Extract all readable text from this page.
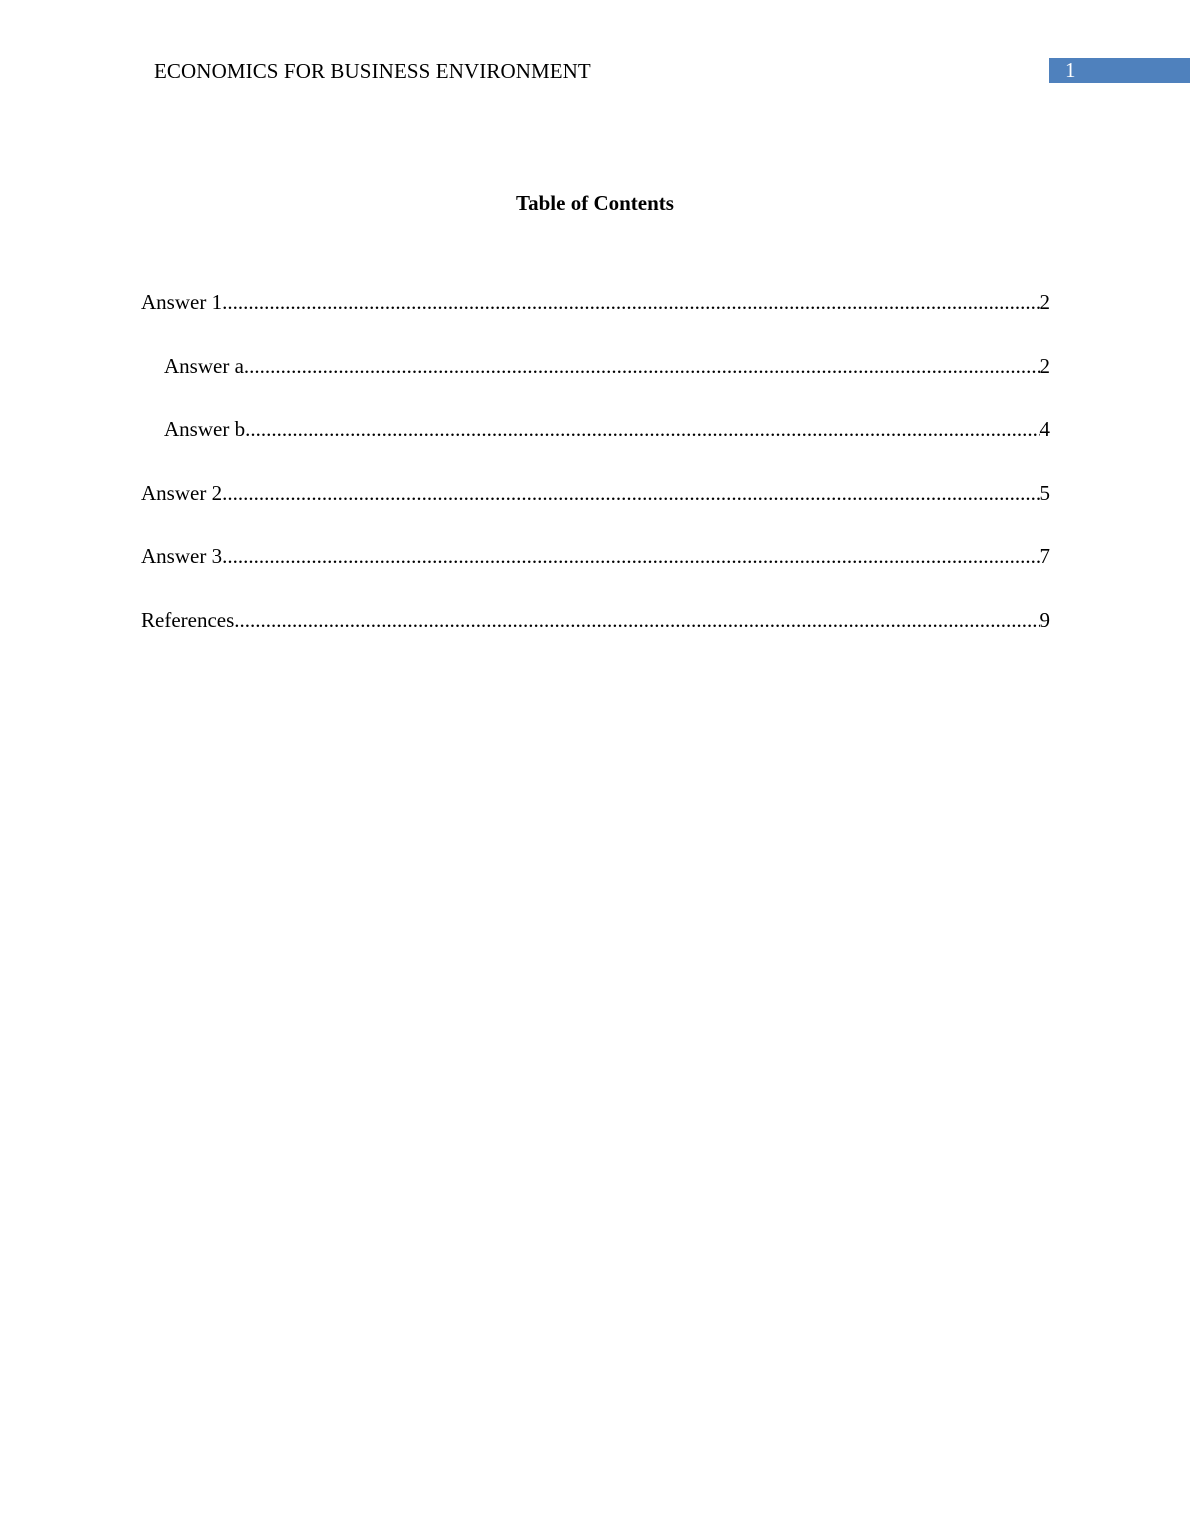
ECONOMICS FOR BUSINESS ENVIRONMENT	1
Table of Contents
Answer 1 .....	2
Answer a .....	2
Answer b .....	4
Answer 2 .....	5
Answer 3 .....	7
References .....	9
